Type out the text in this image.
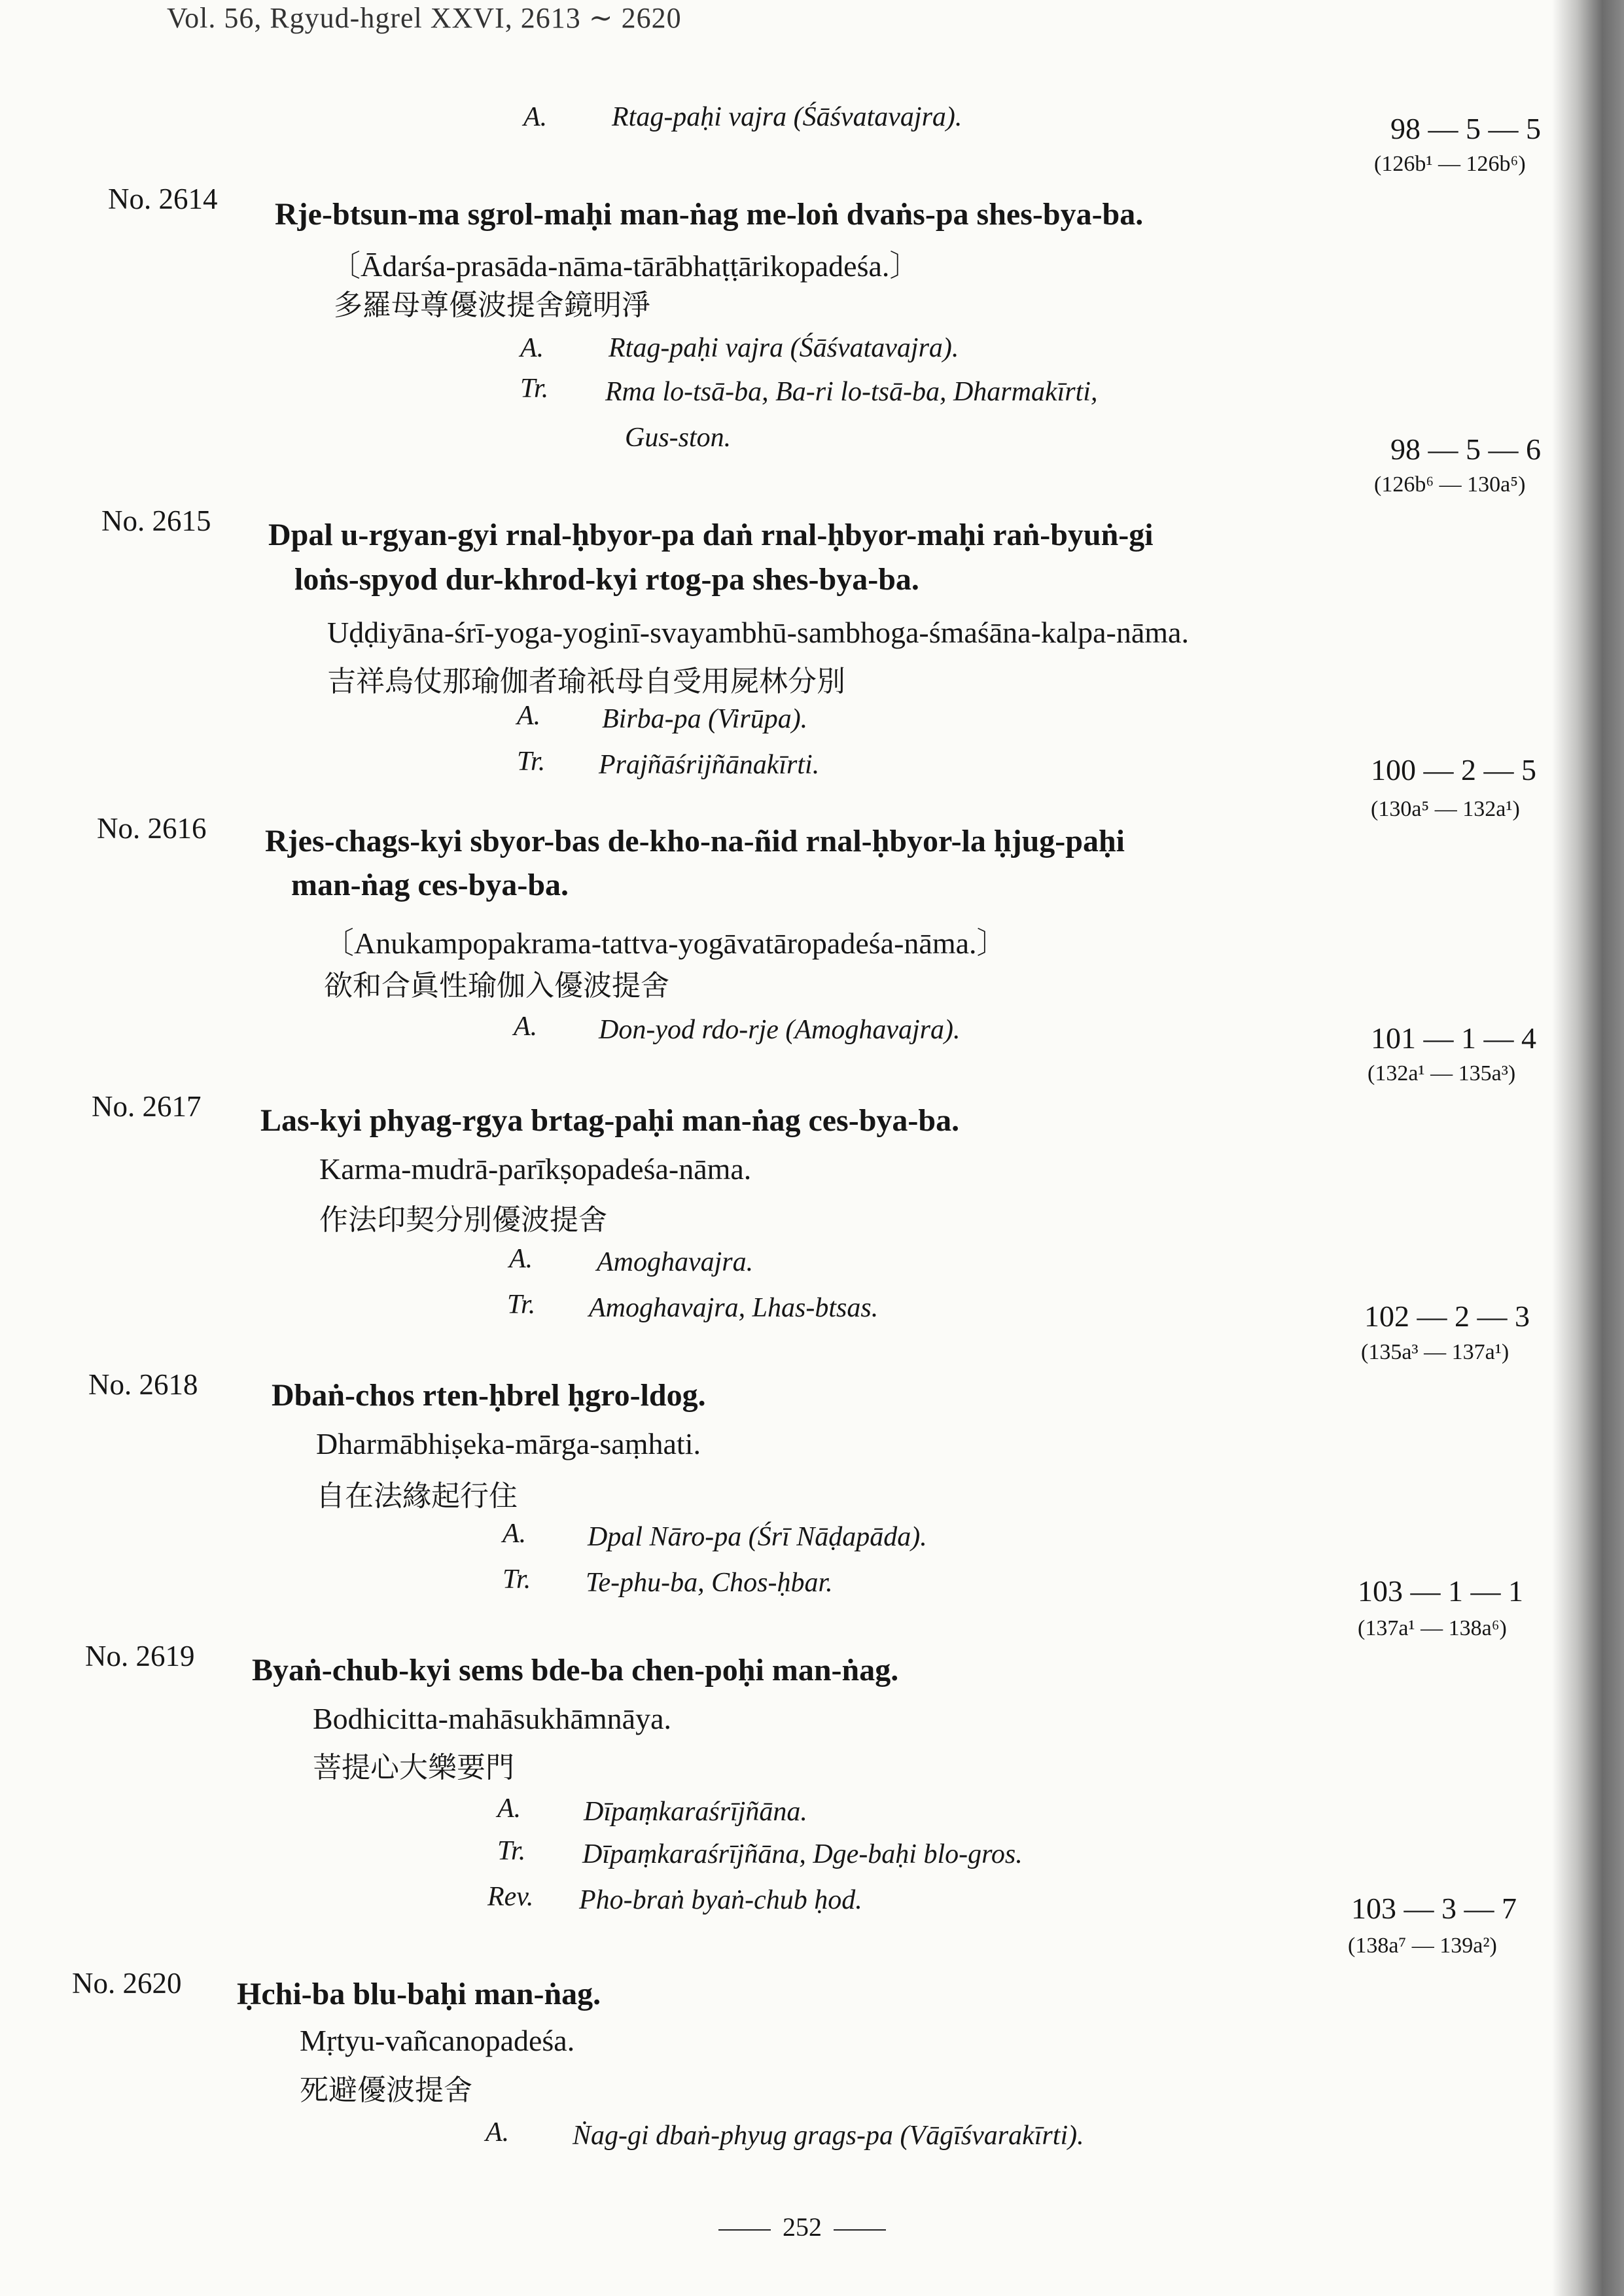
Vol. 56, Rgyud-hgrel XXVI, 2613 ∼ 2620
A. Rtag-paḥi vajra (Śāśvatavajra).	98 — 5 — 5
(126b¹ — 126b⁶)
No. 2614 Rje-btsun-ma sgrol-maḥi man-ṅag me-loṅ dvaṅs-pa shes-bya-ba.
〔Ādarśa-prasāda-nāma-tārābhaṭṭārikopadeśa.〕
多羅母尊優波提舍鏡明淨
A. Rtag-paḥi vajra (Śāśvatavajra).
Tr. Rma lo-tsā-ba, Ba-ri lo-tsā-ba, Dharmakīrti,
Gus-ston.	98 — 5 — 6
(126b⁶ — 130a⁵)
No. 2615 Dpal u-rgyan-gyi rnal-ḥbyor-pa daṅ rnal-ḥbyor-maḥi raṅ-byuṅ-gi
loṅs-spyod dur-khrod-kyi rtog-pa shes-bya-ba.
Uḍḍiyāna-śrī-yoga-yoginī-svayambhū-sambhoga-śmaśāna-kalpa-nāma.
吉祥烏仗那瑜伽者瑜祇母自受用屍林分別
A. Birba-pa (Virūpa).
Tr. Prajñāśrijñānakīrti.	100 — 2 — 5
(130a⁵ — 132a¹)
No. 2616 Rjes-chags-kyi sbyor-bas de-kho-na-ñid rnal-ḥbyor-la ḥjug-paḥi
man-ṅag ces-bya-ba.
〔Anukampopakrama-tattva-yogāvatāropadeśa-nāma.〕
欲和合眞性瑜伽入優波提舍
A. Don-yod rdo-rje (Amoghavajra).	101 — 1 — 4
(132a¹ — 135a³)
No. 2617 Las-kyi phyag-rgya brtag-paḥi man-ṅag ces-bya-ba.
Karma-mudrā-parīkṣopadeśa-nāma.
作法印契分別優波提舍
A. Amoghavajra.
Tr. Amoghavajra, Lhas-btsas.	102 — 2 — 3
(135a³ — 137a¹)
No. 2618 Dbaṅ-chos rten-ḥbrel ḥgro-ldog.
Dharmābhiṣeka-mārga-saṃhati.
自在法緣起行住
A. Dpal Nāro-pa (Śrī Nāḍapāda).
Tr. Te-phu-ba, Chos-ḥbar.	103 — 1 — 1
(137a¹ — 138a⁶)
No. 2619 Byaṅ-chub-kyi sems bde-ba chen-poḥi man-ṅag.
Bodhicitta-mahāsukhāmnāya.
菩提心大樂要門
A. Dīpaṃkaraśrījñāna.
Tr. Dīpaṃkaraśrījñāna, Dge-baḥi blo-gros.
Rev. Pho-braṅ byaṅ-chub ḥod.	103 — 3 — 7
(138a⁷ — 139a²)
No. 2620 Ḥchi-ba blu-baḥi man-ṅag.
Mṛtyu-vañcanopadeśa.
死避優波提舍
A. Ṅag-gi dbaṅ-phyug grags-pa (Vāgīśvarakīrti).
252
